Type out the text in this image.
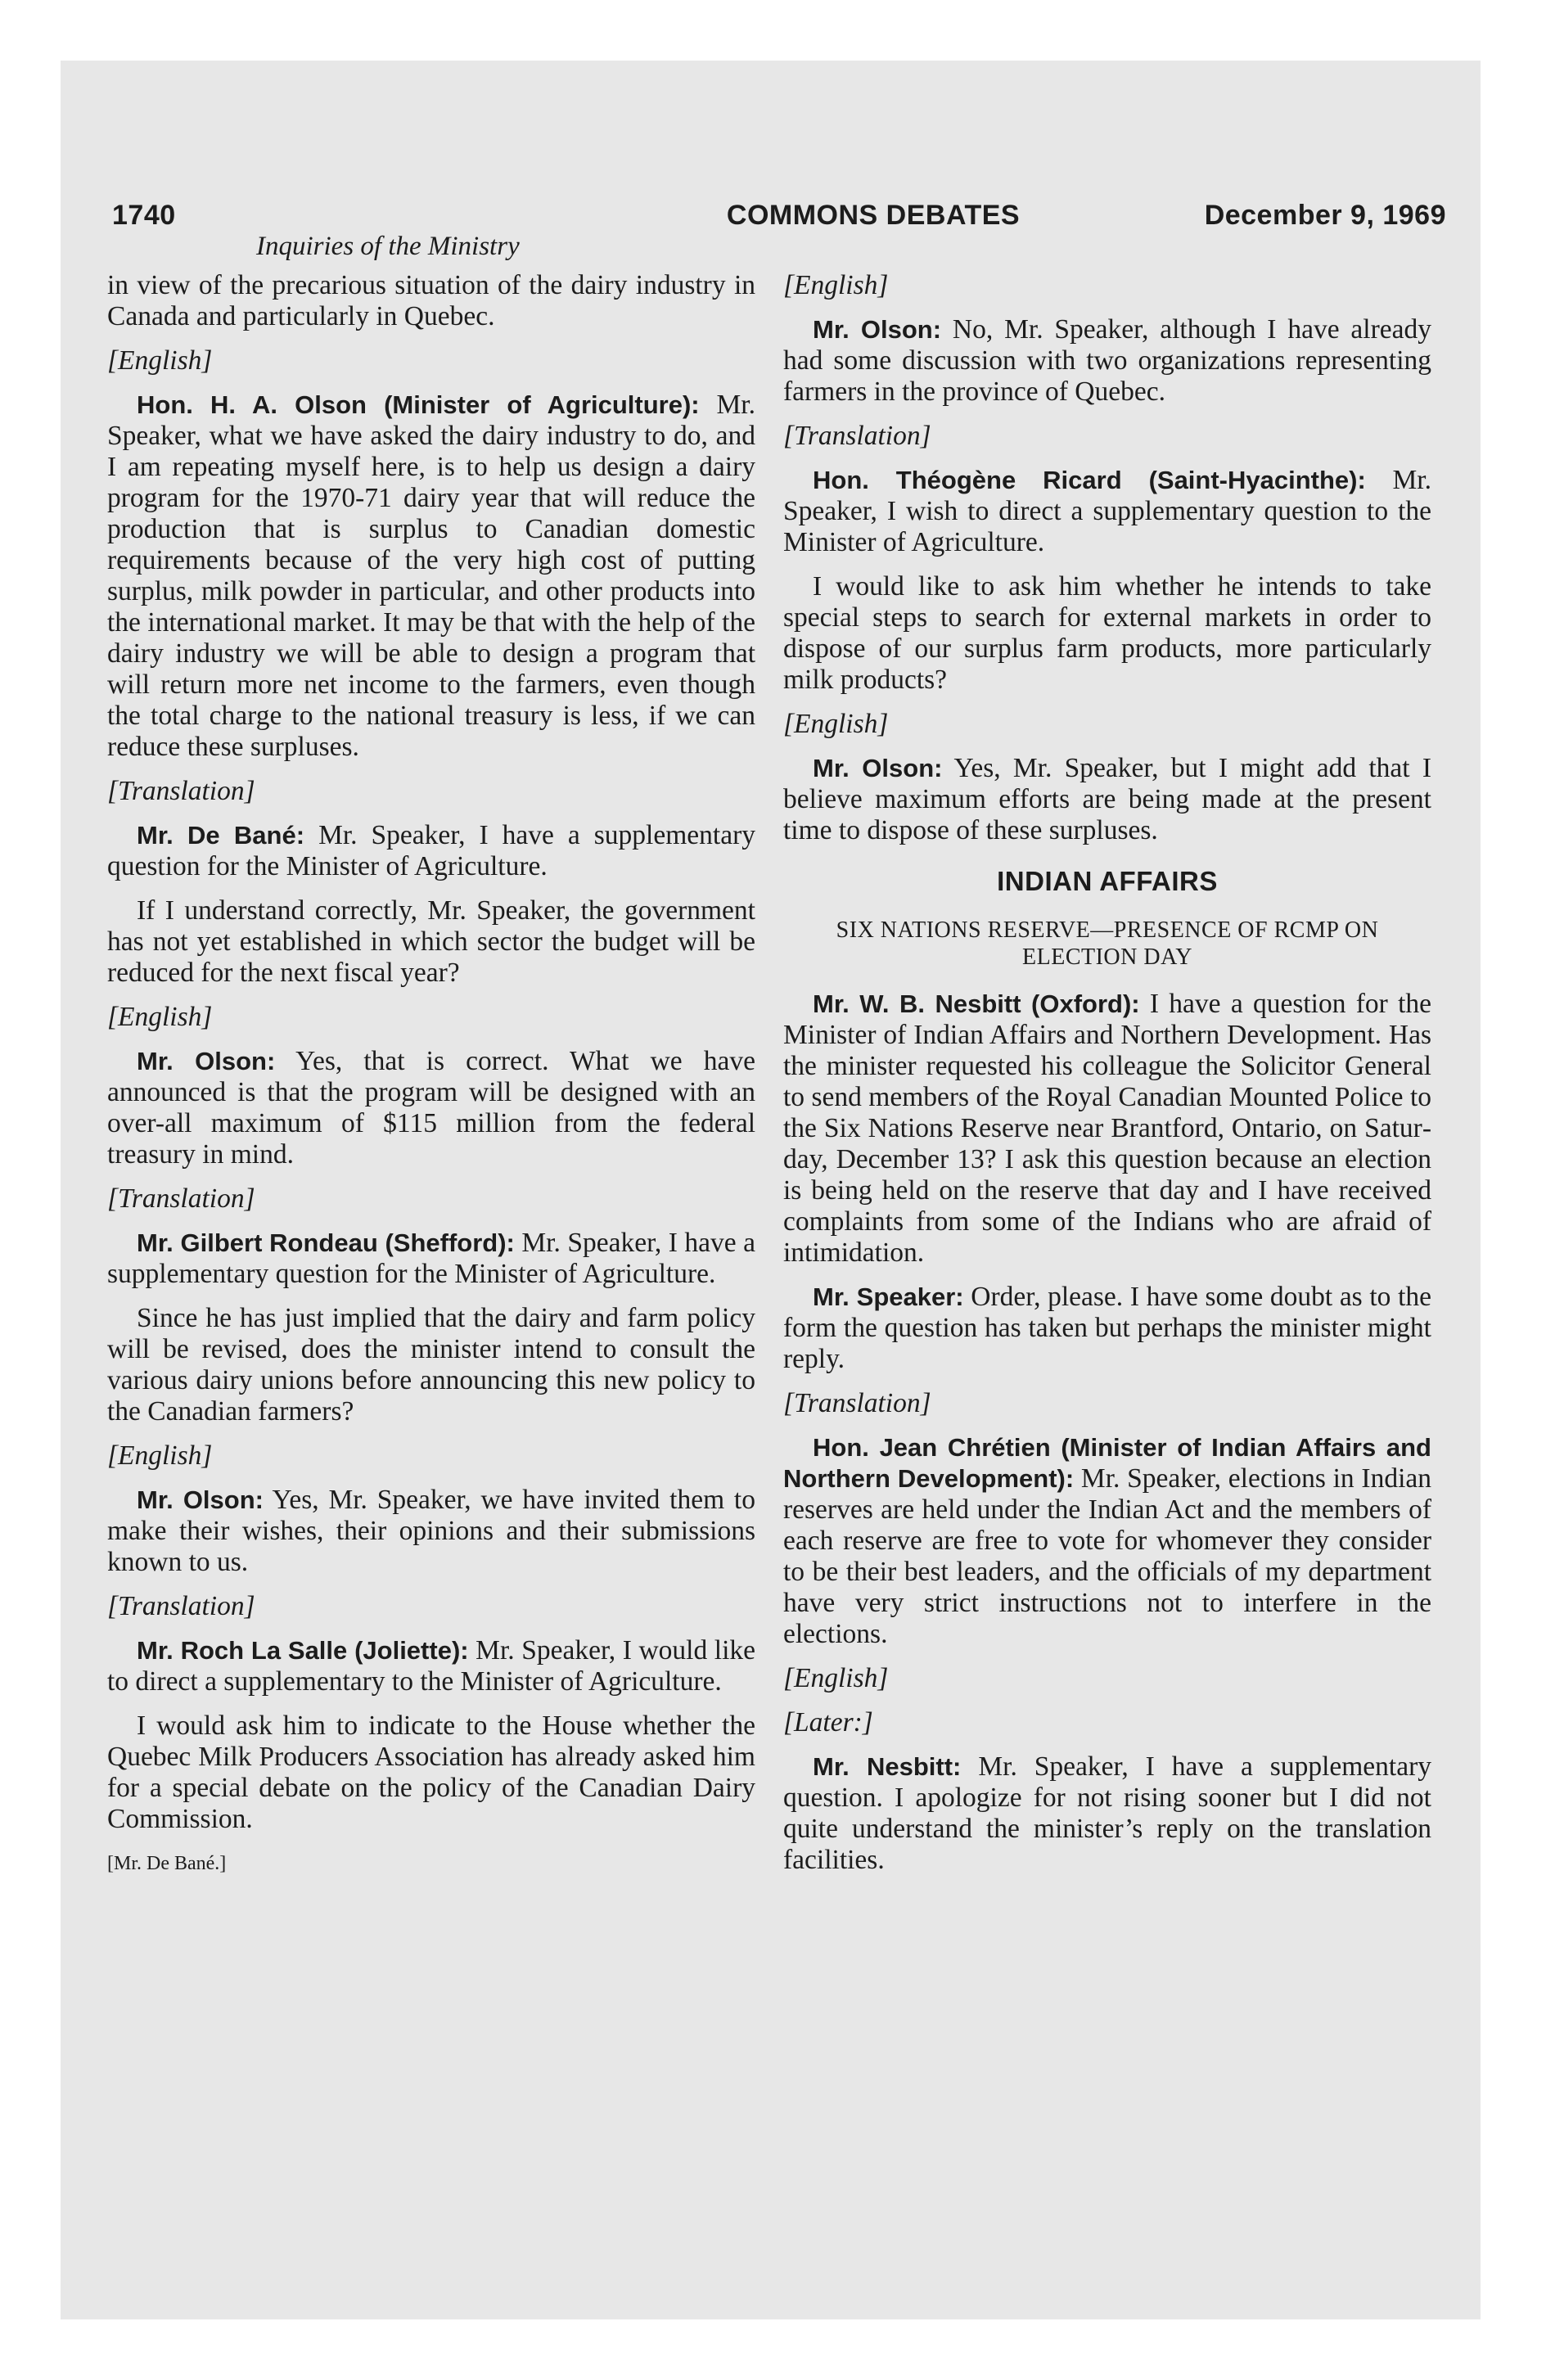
1740	COMMONS DEBATES	December 9, 1969
Inquiries of the Ministry

in view of the precarious situation of the dairy industry in Canada and particularly in Quebec.

[English]

Hon. H. A. Olson (Minister of Agriculture): Mr. Speaker, what we have asked the dairy industry to do, and I am repeating myself here, is to help us design a dairy program for the 1970-71 dairy year that will reduce the production that is surplus to Canadian domestic requirements because of the very high cost of putting surplus, milk powder in particular, and other products into the international market. It may be that with the help of the dairy industry we will be able to design a program that will return more net income to the farmers, even though the total charge to the national treasury is less, if we can reduce these surpluses.

[Translation]

Mr. De Bané: Mr. Speaker, I have a supplementary question for the Minister of Agriculture.

If I understand correctly, Mr. Speaker, the government has not yet established in which sector the budget will be reduced for the next fiscal year?

[English]

Mr. Olson: Yes, that is correct. What we have announced is that the program will be designed with an over-all maximum of $115 million from the federal treasury in mind.

[Translation]

Mr. Gilbert Rondeau (Shefford): Mr. Speaker, I have a supplementary question for the Minister of Agriculture.

Since he has just implied that the dairy and farm policy will be revised, does the minister intend to consult the various dairy unions before announcing this new policy to the Canadian farmers?

[English]

Mr. Olson: Yes, Mr. Speaker, we have invited them to make their wishes, their opinions and their submissions known to us.

[Translation]

Mr. Roch La Salle (Joliette): Mr. Speaker, I would like to direct a supplementary to the Minister of Agriculture.

I would ask him to indicate to the House whether the Quebec Milk Producers Association has already asked him for a special debate on the policy of the Canadian Dairy Commission.

[Mr. De Bané.]

[English]

Mr. Olson: No, Mr. Speaker, although I have already had some discussion with two organizations representing farmers in the province of Quebec.

[Translation]

Hon. Théogène Ricard (Saint-Hyacinthe): Mr. Speaker, I wish to direct a supplementary question to the Minister of Agriculture.

I would like to ask him whether he intends to take special steps to search for external markets in order to dispose of our surplus farm products, more particularly milk products?

[English]

Mr. Olson: Yes, Mr. Speaker, but I might add that I believe maximum efforts are being made at the present time to dispose of these surpluses.

INDIAN AFFAIRS

SIX NATIONS RESERVE—PRESENCE OF RCMP ON ELECTION DAY

Mr. W. B. Nesbitt (Oxford): I have a question for the Minister of Indian Affairs and Northern Development. Has the minister requested his colleague the Solicitor General to send members of the Royal Canadian Mounted Police to the Six Nations Reserve near Brantford, Ontario, on Saturday, December 13? I ask this question because an election is being held on the reserve that day and I have received complaints from some of the Indians who are afraid of intimidation.

Mr. Speaker: Order, please. I have some doubt as to the form the question has taken but perhaps the minister might reply.

[Translation]

Hon. Jean Chrétien (Minister of Indian Affairs and Northern Development): Mr. Speaker, elections in Indian reserves are held under the Indian Act and the members of each reserve are free to vote for whomever they consider to be their best leaders, and the officials of my department have very strict instructions not to interfere in the elections.

[English]

[Later:]

Mr. Nesbitt: Mr. Speaker, I have a supplementary question. I apologize for not rising sooner but I did not quite understand the minister’s reply on the translation facilities.
